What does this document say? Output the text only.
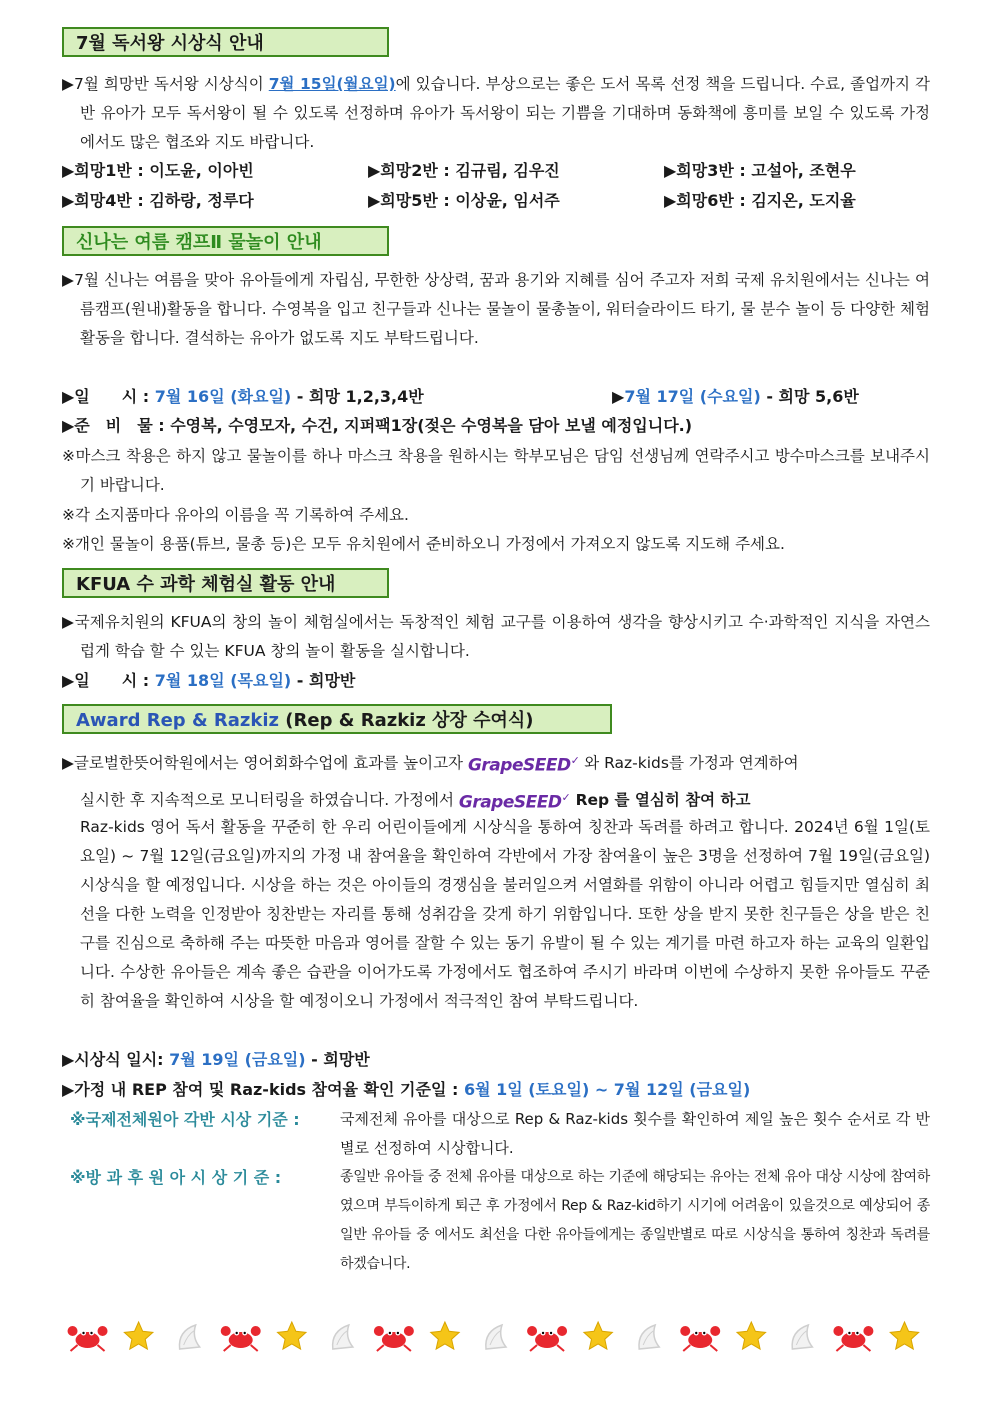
7월 독서왕 시상식 안내
▶7월 희망반 독서왕 시상식이 7월 15일(월요일)에 있습니다. 부상으로는 좋은 도서 목록 선정 책을 드립니다. 수료, 졸업까지 각반 유아가 모두 독서왕이 될 수 있도록 선정하며 유아가 독서왕이 되는 기쁨을 기대하며 동화책에 흥미를 보일 수 있도록 가정에서도 많은 협조와 지도 바랍니다.
▶희망1반 : 이도윤, 이아빈	▶희망2반 : 김규림, 김우진	▶희망3반 : 고설아, 조현우
▶희망4반 : 김하랑, 정루다	▶희망5반 : 이상윤, 임서주	▶희망6반 : 김지온, 도지율
신나는 여름 캠프Ⅱ 물놀이 안내
▶7월 신나는 여름을 맞아 유아들에게 자립심, 무한한 상상력, 꿈과 용기와 지혜를 심어 주고자 저희 국제 유치원에서는 신나는 여름캠프(원내)활동을 합니다. 수영복을 입고 친구들과 신나는 물놀이 물총놀이, 워터슬라이드 타기, 물 분수 놀이 등 다양한 체험 활동을 합니다. 결석하는 유아가 없도록 지도 부탁드립니다.
▶일　　시 : 7월 16일 (화요일) - 희망 1,2,3,4반	▶7월 17일 (수요일) - 희망 5,6반
▶준　비　물 : 수영복, 수영모자, 수건, 지퍼팩1장(젖은 수영복을 담아 보낼 예정입니다.)
※마스크 착용은 하지 않고 물놀이를 하나 마스크 착용을 원하시는 학부모님은 담임 선생님께 연락주시고 방수마스크를 보내주시기 바랍니다.
※각 소지품마다 유아의 이름을 꼭 기록하여 주세요.
※개인 물놀이 용품(튜브, 물총 등)은 모두 유치원에서 준비하오니 가정에서 가져오지 않도록 지도해 주세요.
KFUA 수 과학 체험실 활동 안내
▶국제유치원의 KFUA의 창의 놀이 체험실에서는 독창적인 체험 교구를 이용하여 생각을 향상시키고 수·과학적인 지식을 자연스럽게 학습 할 수 있는 KFUA 창의 놀이 활동을 실시합니다.
▶일　　시 : 7월 18일 (목요일) - 희망반
Award Rep & Razkiz (Rep & Razkiz 상장 수여식)
▶글로벌한뜻어학원에서는 영어회화수업에 효과를 높이고자 GrapeSEED✓ 와 Raz-kids를 가정과 연계하여
실시한 후 지속적으로 모니터링을 하였습니다. 가정에서 GrapeSEED✓ Rep 를 열심히 참여 하고
Raz-kids 영어 독서 활동을 꾸준히 한 우리 어린이들에게 시상식을 통하여 칭찬과 독려를 하려고 합니다. 2024년 6월 1일(토요일) ~ 7월 12일(금요일)까지의 가정 내 참여율을 확인하여 각반에서 가장 참여율이 높은 3명을 선정하여 7월 19일(금요일) 시상식을 할 예정입니다. 시상을 하는 것은 아이들의 경쟁심을 불러일으켜 서열화를 위함이 아니라 어렵고 힘들지만 열심히 최선을 다한 노력을 인정받아 칭찬받는 자리를 통해 성취감을 갖게 하기 위함입니다. 또한 상을 받지 못한 친구들은 상을 받은 친구를 진심으로 축하해 주는 따뜻한 마음과 영어를 잘할 수 있는 동기 유발이 될 수 있는 계기를 마련 하고자 하는 교육의 일환입니다. 수상한 유아들은 계속 좋은 습관을 이어가도록 가정에서도 협조하여 주시기 바라며 이번에 수상하지 못한 유아들도 꾸준히 참여율을 확인하여 시상을 할 예정이오니 가정에서 적극적인 참여 부탁드립니다.
▶시상식 일시: 7월 19일 (금요일) - 희망반
▶가정 내 REP 참여 및 Raz-kids 참여율 확인 기준일 : 6월 1일 (토요일) ~ 7월 12일 (금요일)
※국제전체원아 각반 시상 기준 :	국제전체 유아를 대상으로 Rep & Raz-kids 횟수를 확인하여 제일 높은 횟수 순서로 각 반 별로 선정하여 시상합니다.
※방 과 후 원 아 시 상 기 준 :	종일반 유아들 중 전체 유아를 대상으로 하는 기준에 해당되는 유아는 전체 유아 대상 시상에 참여하였으며 부득이하게 퇴근 후 가정에서 Rep & Raz-kid하기 시기에 어려움이 있을것으로 예상되어 종일반 유아들 중 에서도 최선을 다한 유아들에게는 종일반별로 따로 시상식을 통하여 칭찬과 독려를 하겠습니다.
